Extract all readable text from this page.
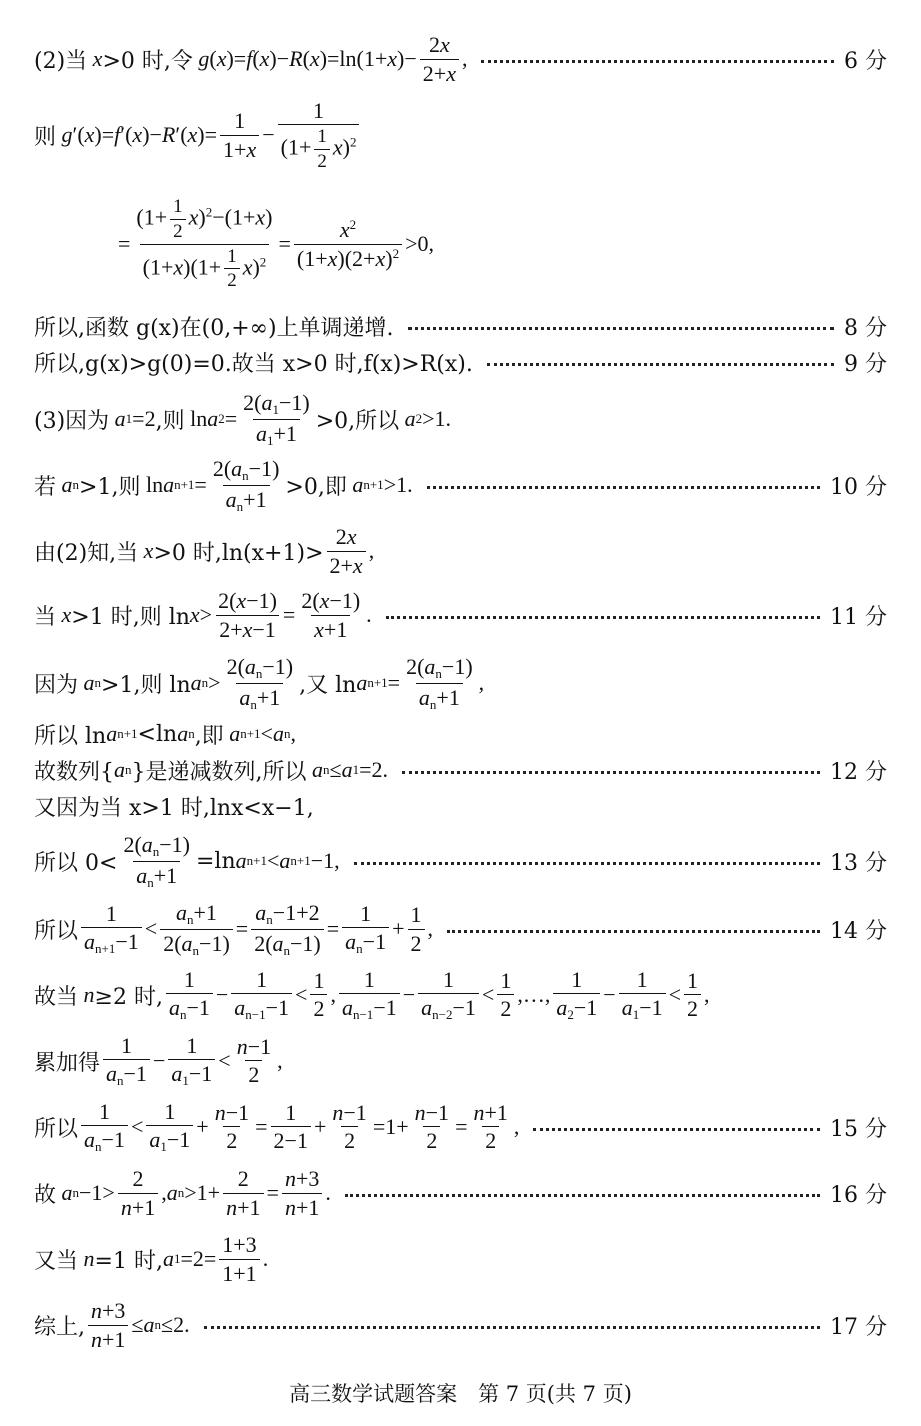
(2)当 x >0 时,令
g ( x )= f ( x )− R ( x )=ln(1+ x )− $\frac{2x}{2+x}$ ,	6 分
则
g ′( x )= f ′( x )− R ′( x )= $\frac{1}{1+x} - \frac{1}{(1+ \frac{1}{2} x)^2}$
= $\frac{(1+ \frac{1}{2} x)^2-(1+x)}{(1+x)(1+ \frac{1}{2} x)^2} = \frac{x^2}{(1+x)(2+x)^2} >0$,
所以,函数 g(x)在(0,+∞)上单调递增.	8 分
所以,g(x)>g(0)=0.故当 x>0 时,f(x)>R(x).	9 分
(3)因为
a 1 =2 ,则 ln a $2 = \frac{2(a_1-1)}{a_1+1} >0$,所以
a 2 >1.
若
a n >1,则 ln a $n+1 = \frac{2(a_n-1)}{a_n+1} >0$,即
a n+1 >1.	10 分
由(2)知,当 x >0 时$,\ln(x+1)> \frac{2x}{2+x}$ ,
当 x >1 时,则 $\ln x > \frac{2(x-1)}{2+x-1} = \frac{2(x-1)}{x+1}$ .	11 分
因为
a n >1,则 ln a $n > \frac{2(a_n-1)}{a_n+1}$ ,又 ln a $n+1 = \frac{2(a_n-1)}{a_n+1}$ ,
所以 ln a n+1 <ln a n ,即
a n+1 < a n ,
故数列{ a n }是递减数列,所以
a n ≤ a 1 =2.	12 分
又因为当 x>1 时,lnx<x−1,
所以 $0< \frac{2(a_n-1)}{a_n+1} =\ln$ a n+1 < a n+1 −1,	13 分
所以 $\frac{1}{a_{n+1}-1} < \frac{a_n+1}{2(a_n-1)} = \frac{a_n-1+2}{2(a_n-1)} = \frac{1}{a_n-1} + \frac{1}{2}$ ,	14 分
故当 n ≥2 时, $\frac{1}{a_n-1} - \frac{1}{a_{n-1}-1} < \frac{1}{2}$ , $\frac{1}{a_{n-1}-1} - \frac{1}{a_{n-2}-1} < \frac{1}{2}$ ,…, $\frac{1}{a_2-1} - \frac{1}{a_1-1} < \frac{1}{2}$ ,
累加得 $\frac{1}{a_n-1} - \frac{1}{a_1-1} < \frac{n-1}{2}$ ,
所以 $\frac{1}{a_n-1} < \frac{1}{a_1-1} + \frac{n-1}{2} = \frac{1}{2-1} + \frac{n-1}{2} =1+ \frac{n-1}{2} = \frac{n+1}{2}$ ,	15 分
故
a $n -1> \frac{2}{n+1}$ , a $n >1+ \frac{2}{n+1} = \frac{n+3}{n+1}$ .	16 分
又当 n =1 时, a $1 =2= \frac{1+3}{1+1}$ .
综上, $\frac{n+3}{n+1} \le a$ n ≤2.	17 分
高三数学试题答案　第 7 页(共 7 页)
